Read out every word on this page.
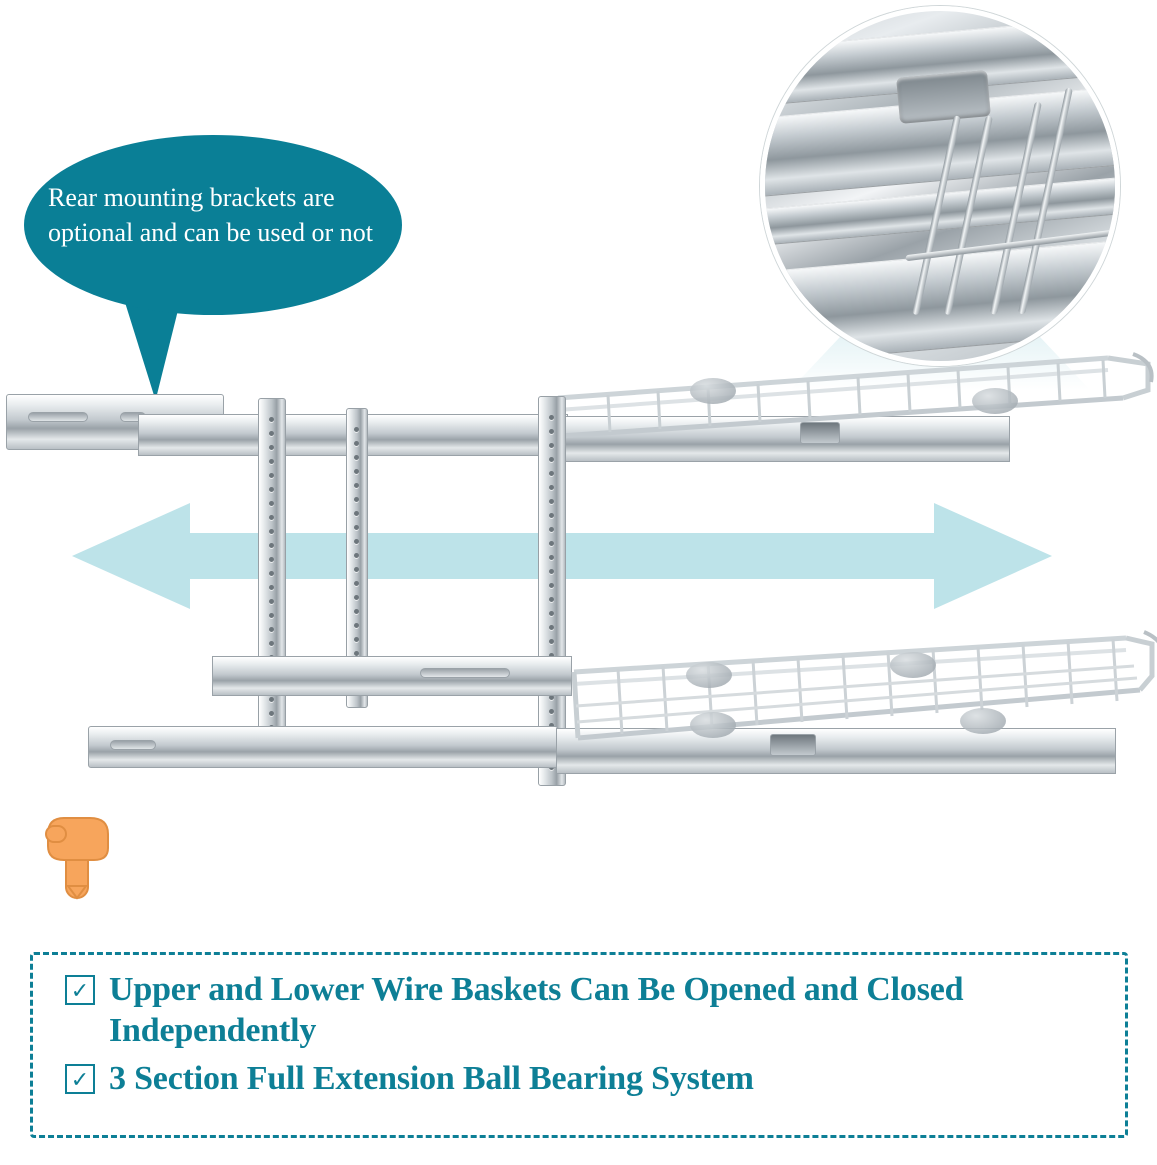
Rear mounting brackets are optional and can be used or not
✓ Upper and Lower Wire Baskets Can Be Opened and Closed Independently
✓ 3 Section Full Extension Ball Bearing System
